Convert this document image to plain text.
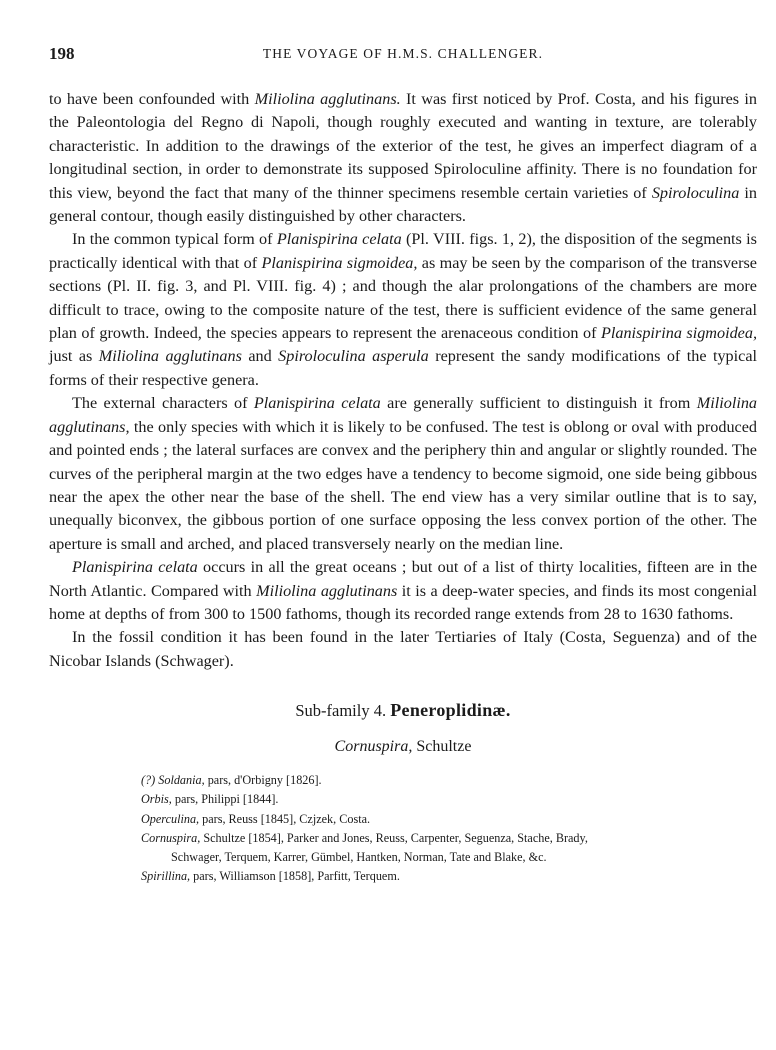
198	THE VOYAGE OF H.M.S. CHALLENGER.

to have been confounded with Miliolina agglutinans. It was first noticed by Prof. Costa, and his figures in the Paleontologia del Regno di Napoli, though roughly executed and wanting in texture, are tolerably characteristic. In addition to the drawings of the exterior of the test, he gives an imperfect diagram of a longitudinal section, in order to demonstrate its supposed Spiroloculine affinity. There is no foundation for this view, beyond the fact that many of the thinner specimens resemble certain varieties of Spiroloculina in general contour, though easily distinguished by other characters.

In the common typical form of Planispirina celata (Pl. VIII. figs. 1, 2), the disposition of the segments is practically identical with that of Planispirina sigmoidea, as may be seen by the comparison of the transverse sections (Pl. II. fig. 3, and Pl. VIII. fig. 4) ; and though the alar prolongations of the chambers are more difficult to trace, owing to the composite nature of the test, there is sufficient evidence of the same general plan of growth. Indeed, the species appears to represent the arenaceous condition of Planispirina sigmoidea, just as Miliolina agglutinans and Spiroloculina asperula represent the sandy modifications of the typical forms of their respective genera.

The external characters of Planispirina celata are generally sufficient to distinguish it from Miliolina agglutinans, the only species with which it is likely to be confused. The test is oblong or oval with produced and pointed ends ; the lateral surfaces are convex and the periphery thin and angular or slightly rounded. The curves of the peripheral margin at the two edges have a tendency to become sigmoid, one side being gibbous near the apex the other near the base of the shell. The end view has a very similar outline that is to say, unequally biconvex, the gibbous portion of one surface opposing the less convex portion of the other. The aperture is small and arched, and placed transversely nearly on the median line.

Planispirina celata occurs in all the great oceans ; but out of a list of thirty localities, fifteen are in the North Atlantic. Compared with Miliolina agglutinans it is a deep-water species, and finds its most congenial home at depths of from 300 to 1500 fathoms, though its recorded range extends from 28 to 1630 fathoms.

In the fossil condition it has been found in the later Tertiaries of Italy (Costa, Seguenza) and of the Nicobar Islands (Schwager).

Sub-family 4. Peneroplidinæ.
Cornuspira, Schultze
(?) Soldania, pars, d'Orbigny [1826].
Orbis, pars, Philippi [1844].
Operculina, pars, Reuss [1845], Czjzek, Costa.
Cornuspira, Schultze [1854], Parker and Jones, Reuss, Carpenter, Seguenza, Stache, Brady,
Schwager, Terquem, Karrer, Gümbel, Hantken, Norman, Tate and Blake, &c.
Spirillina, pars, Williamson [1858], Parfitt, Terquem.
